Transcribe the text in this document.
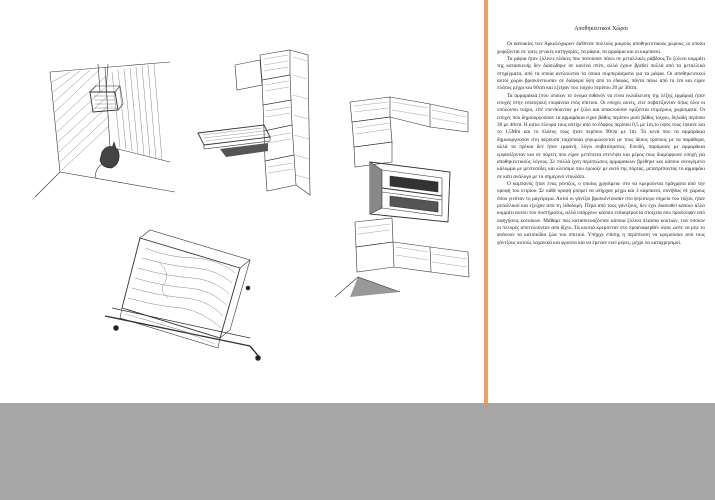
Αποθηκευτικοί Χώροι

Οι κατοικίες των Αρκαλόχωρων διέθεταν πολλούς μικρούς αποθηκευτικούς χώρους, οι οποίοι χωρίζονται σε τρεις γενικές κατηγορίες, τα ράφια, τα αρμάρια και οι καμπανοί.

Τα ράφια ήταν ξύλινες πλάκες που πατούσαν πάνω σε μεταλλικές ράβδους.Το ξύλινο κομμάτι της κατασκευής δεν διασώθηκε σε κανένα σπίτι, αλλά έχουν βρεθεί πολλά από τα μεταλλικά στηρίγματα, από τα οποία αντλούνται τα όποια συμπεράσματα για τα ράφια. Οι αποθηκευτικοί αυτοί χώροι βρισκόντουσαν σε διάφορα ύψη από το έδαφος, πάντα πάνω από το 1m και είχαν πλάτος μέχρι και 60cm και εξείχαν του τοίχου περίπου 20 με 30cm.

Τα αρμαράκια (που οποίων το όνομα πιθανόν να είναι εκλαΐκευση της λέξης ερμάρια) ήταν εσοχές στην εσωτερική επιφάνεια ενός σπιτιού. Οι εσοχές αυτές, είτε σοβατίζονταν όπως όλοι οι υπόλοιποι τοίχοι, είτε επενδύονταν με ξύλο και αποκτούσαν ορίζοντια επιμέρους χωρίσματα. Οι εσοχές που δημιουργούσαν τα αρμαράκια είχαν βάθος περίπου μισό βάθος τοίχου, δηλαδή περίπου 30 με 40cm. Η κάτω πλευρά τους απείχε από το έδαφος περίπου 0,5 με 1m,το ύψος τους έφτανε και το 1,5Mm και το πλάτος τους ήταν περίπου 90cm με 1m. Τα κενά που τα αρμαράκια δημιουργούσαν στη φέρουσα τοιχοποιία γεφυρώνονταν με τους ίδιους τρόπους με τα παράθυρα, αλλά τα πρέκια δεν ήταν εμφανή, λόγω σοβατίσματος. Επειδή, παρόμοιες με αρμαράκια εμφανίζονταν και σε πόρτες που είχαν μετέπειτα στενέψει και μέρος τους διαμόρφωνε εσοχή για αποθηκευτικούς λόγους. Σε πολλά ίχνη περιπτώσεις αρμαρακίων βρέθηκε και κάποιο ανοιγόμενο κάλυμμα με μεντεσέδες και κλείσιμο που έμοιαζε με αυτό της πόρτας, μετατρέποντας το αρμαράκι σε κάτι ανάλογο με το σημερινό ντουλάπι.

Ο καμπανός ήταν ένας γάντζος, ο οποίος χρησίμευε στο να κρεμούνται πράγματα από την οροφή του κτιρίου. Σε κάθε οροφή μπορεί να υπήρχαν μέχρι και 3 καμπανοί, συνήθως σε χώρους όπου γινόταν το μαγείρεμα. Αυτοί οι γάντζοι βρισκόντουσαν στο ψηλότερο σημείο του τόξου, ήταν μεταλλικοί και εξείχαν από τη λιθοδομή. Πέρα από τους γάντζους, δεν έχει διασωθεί κάποιο άλλο κομμάτι αυτού του συστήματος, αλλά υπάρχουν κάποιο ενδιαφέροντα στοιχεία που προέκυψαν από αφηγήσεις κατοίκων. Μάθαμε πως κατασκευαζόνταν κάποια ξύλινα πλαίσια κουτιών, των οποίων οι πλευρές αποτελούνταν από δίχτυ. Τα κουτιά κρεμόνταν στο προαναφερθέν ύψος ώστε να μην το φτάνουν τα κατοικίδια ζώα του σπιτιού. Υπήρχε επίσης η περίπτωση να κρεμούσαν από τους γάντζους αυτούς λαχανικά και φρούτα και να έμεναν εκεί μέρες, μέχρι να καταχρησιμοί.
